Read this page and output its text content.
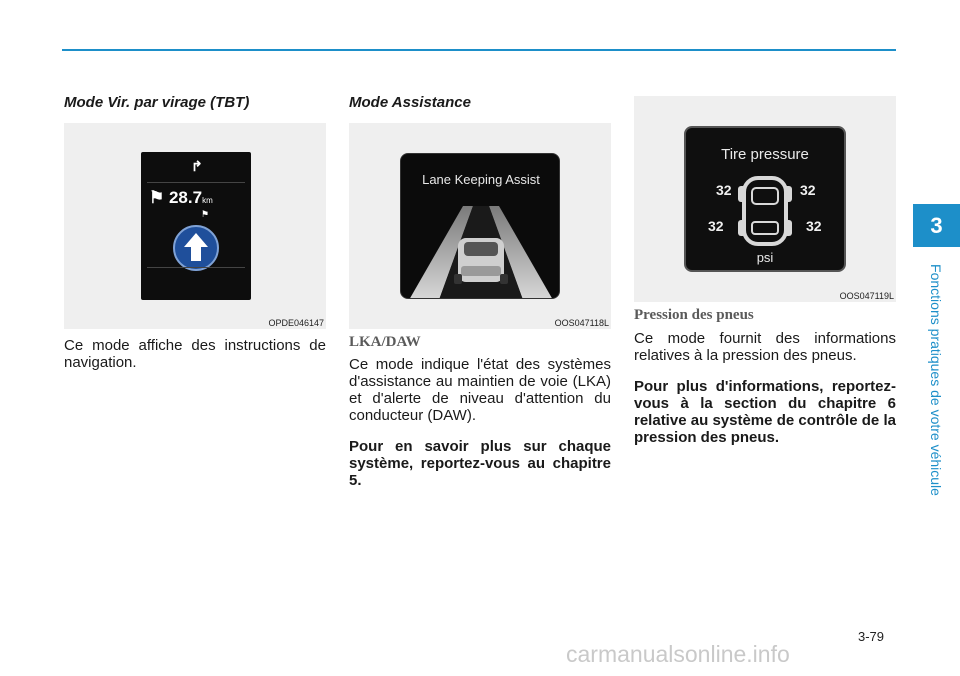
Mode Vir. par virage (TBT)
↱
⚑ 28.7km
⚑
OPDE046147
Ce mode affiche des instructions de navigation.
Mode Assistance
Lane Keeping Assist
OOS047118L
LKA/DAW
Ce mode indique l'état des systèmes d'assistance au maintien de voie (LKA) et d'alerte de niveau d'attention du conducteur (DAW).
Pour en savoir plus sur chaque système, reportez-vous au chapitre 5.
Tire pressure
32	32
32	32
psi
OOS047119L
Pression des pneus
Ce mode fournit des informations relatives à la pression des pneus.
Pour plus d'informations, reportez-vous à la section du chapitre 6 relative au système de contrôle de la pression des pneus.
3
Fonctions pratiques de votre véhicule
3-79
carmanualsonline.info
